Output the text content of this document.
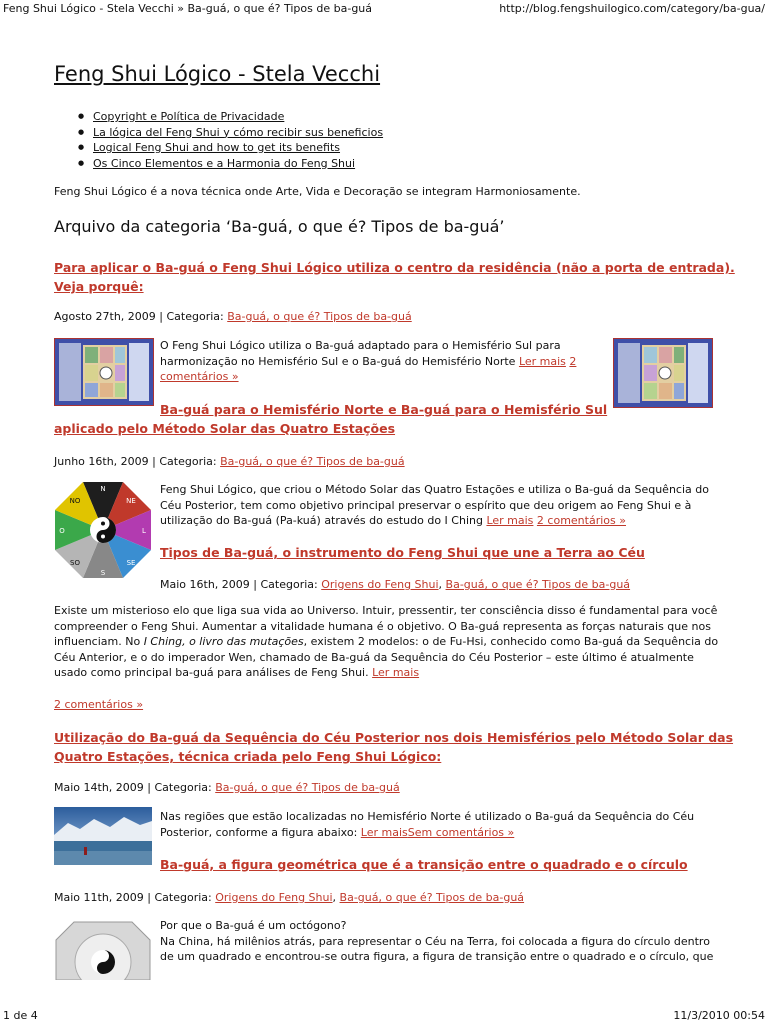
Feng Shui Lógico - Stela Vecchi » Ba-guá, o que é? Tipos de ba-guá	http://blog.fengshuilogico.com/category/ba-gua/
1 de 4	11/3/2010 00:54
Feng Shui Lógico - Stela Vecchi
● Copyright e Política de Privacidade
● La lógica del Feng Shui y cómo recibir sus beneficios
● Logical Feng Shui and how to get its benefits
● Os Cinco Elementos e a Harmonia do Feng Shui
Feng Shui Lógico é a nova técnica onde Arte, Vida e Decoração se integram Harmoniosamente.
Arquivo da categoria ‘Ba-guá, o que é? Tipos de ba-guá’
Para aplicar o Ba-guá o Feng Shui Lógico utiliza o centro da residência (não a porta de entrada).
Veja porquê:
Agosto 27th, 2009 | Categoria: Ba-guá, o que é? Tipos de ba-guá
O Feng Shui Lógico utiliza o Ba-guá adaptado para o Hemisfério Sul para
harmonização no Hemisfério Sul e o Ba-guá do Hemisfério Norte Ler mais 2
comentários »
Ba-guá para o Hemisfério Norte e Ba-guá para o Hemisfério Sul
aplicado pelo Método Solar das Quatro Estações
Junho 16th, 2009 | Categoria: Ba-guá, o que é? Tipos de ba-guá
N
S
NE
NO
L
O
SE
SO
Feng Shui Lógico, que criou o Método Solar das Quatro Estações e utiliza o Ba-guá da Sequência do
Céu Posterior, tem como objetivo principal preservar o espírito que deu origem ao Feng Shui e à
utilização do Ba-guá (Pa-kuá) através do estudo do I Ching Ler mais 2 comentários »
Tipos de Ba-guá, o instrumento do Feng Shui que une a Terra ao Céu
Maio 16th, 2009 | Categoria: Origens do Feng Shui, Ba-guá, o que é? Tipos de ba-guá
Existe um misterioso elo que liga sua vida ao Universo. Intuir, pressentir, ter consciência disso é fundamental para você
compreender o Feng Shui. Aumentar a vitalidade humana é o objetivo. O Ba-guá representa as forças naturais que nos
influenciam. No I Ching, o livro das mutações, existem 2 modelos: o de Fu-Hsi, conhecido como Ba-guá da Sequência do
Céu Anterior, e o do imperador Wen, chamado de Ba-guá da Sequência do Céu Posterior – este último é atualmente
usado como principal ba-guá para análises de Feng Shui. Ler mais
2 comentários »
Utilização do Ba-guá da Sequência do Céu Posterior nos dois Hemisférios pelo Método Solar das
Quatro Estações, técnica criada pelo Feng Shui Lógico:
Maio 14th, 2009 | Categoria: Ba-guá, o que é? Tipos de ba-guá
Nas regiões que estão localizadas no Hemisfério Norte é utilizado o Ba-guá da Sequência do Céu
Posterior, conforme a figura abaixo: Ler maisSem comentários »
Ba-guá, a figura geométrica que é a transição entre o quadrado e o círculo
Maio 11th, 2009 | Categoria: Origens do Feng Shui, Ba-guá, o que é? Tipos de ba-guá
Por que o Ba-guá é um octógono?
Na China, há milênios atrás, para representar o Céu na Terra, foi colocada a figura do círculo dentro
de um quadrado e encontrou-se outra figura, a figura de transição entre o quadrado e o círculo, que
